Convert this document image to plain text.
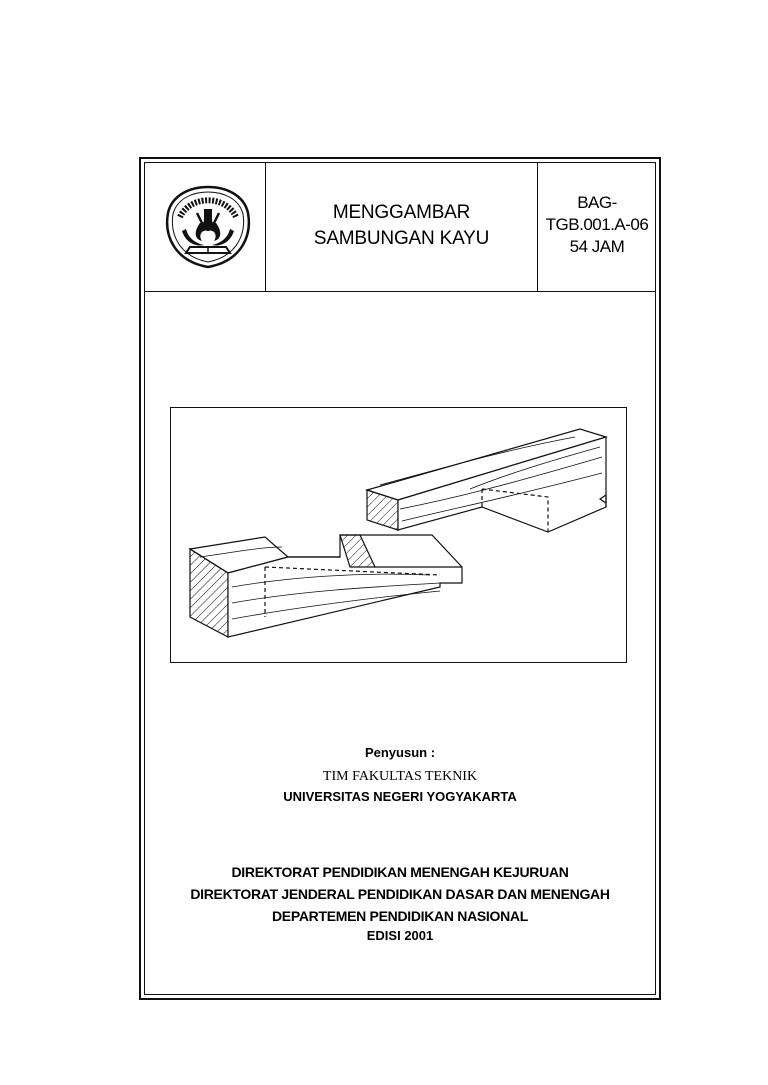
MENGGAMBAR
SAMBUNGAN KAYU
BAG-
TGB.001.A-06
54 JAM
Penyusun :
TIM FAKULTAS TEKNIK
UNIVERSITAS NEGERI YOGYAKARTA
DIREKTORAT PENDIDIKAN MENENGAH KEJURUAN
DIREKTORAT JENDERAL PENDIDIKAN DASAR DAN MENENGAH
DEPARTEMEN PENDIDIKAN NASIONAL
EDISI 2001
